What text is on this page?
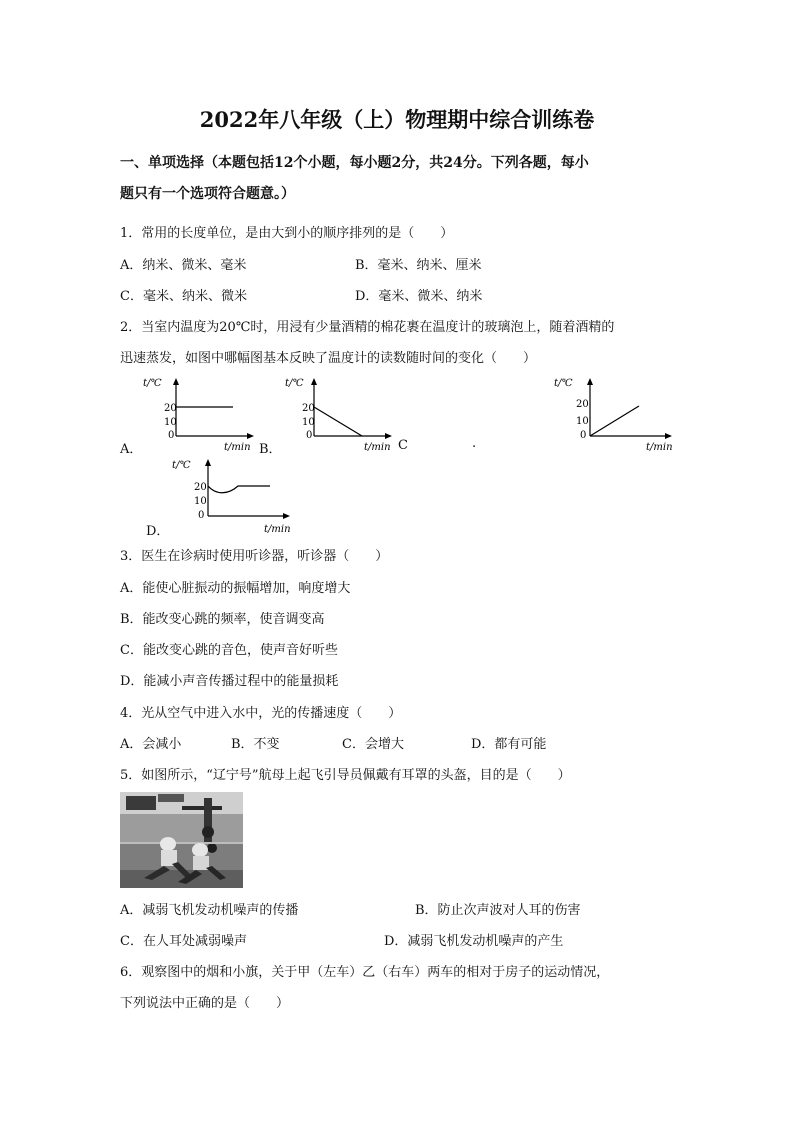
2022年八年级（上）物理期中综合训练卷
一、单项选择（本题包括12个小题，每小题2分，共24分。下列各题，每小
题只有一个选项符合题意。）
1．常用的长度单位，是由大到小的顺序排列的是（　　）
A．纳米、微米、毫米	B．毫米、纳米、厘米
C．毫米、纳米、微米	D．毫米、微米、纳米
2．当室内温度为20℃时，用浸有少量酒精的棉花裹在温度计的玻璃泡上，随着酒精的
迅速蒸发，如图中哪幅图基本反映了温度计的读数随时间的变化（　　）
A．
t/℃
20
10
0
t/min B．
t/℃
20
10
0
t/min C	.
t/℃
20
10
0
t/min
t/℃
20
10
0
t/min
D．
3．医生在诊病时使用听诊器，听诊器（　　）
A．能使心脏振动的振幅增加，响度增大
B．能改变心跳的频率，使音调变高
C．能改变心跳的音色，使声音好听些
D．能减小声音传播过程中的能量损耗
4．光从空气中进入水中，光的传播速度（　　）
A．会减小	B．不变	C．会增大	D．都有可能
5．如图所示，“辽宁号”航母上起飞引导员佩戴有耳罩的头盔，目的是（　　）
A．减弱飞机发动机噪声的传播	B．防止次声波对人耳的伤害
C．在人耳处减弱噪声	D．减弱飞机发动机噪声的产生
6．观察图中的烟和小旗，关于甲（左车）乙（右车）两车的相对于房子的运动情况，
下列说法中正确的是（　　）
